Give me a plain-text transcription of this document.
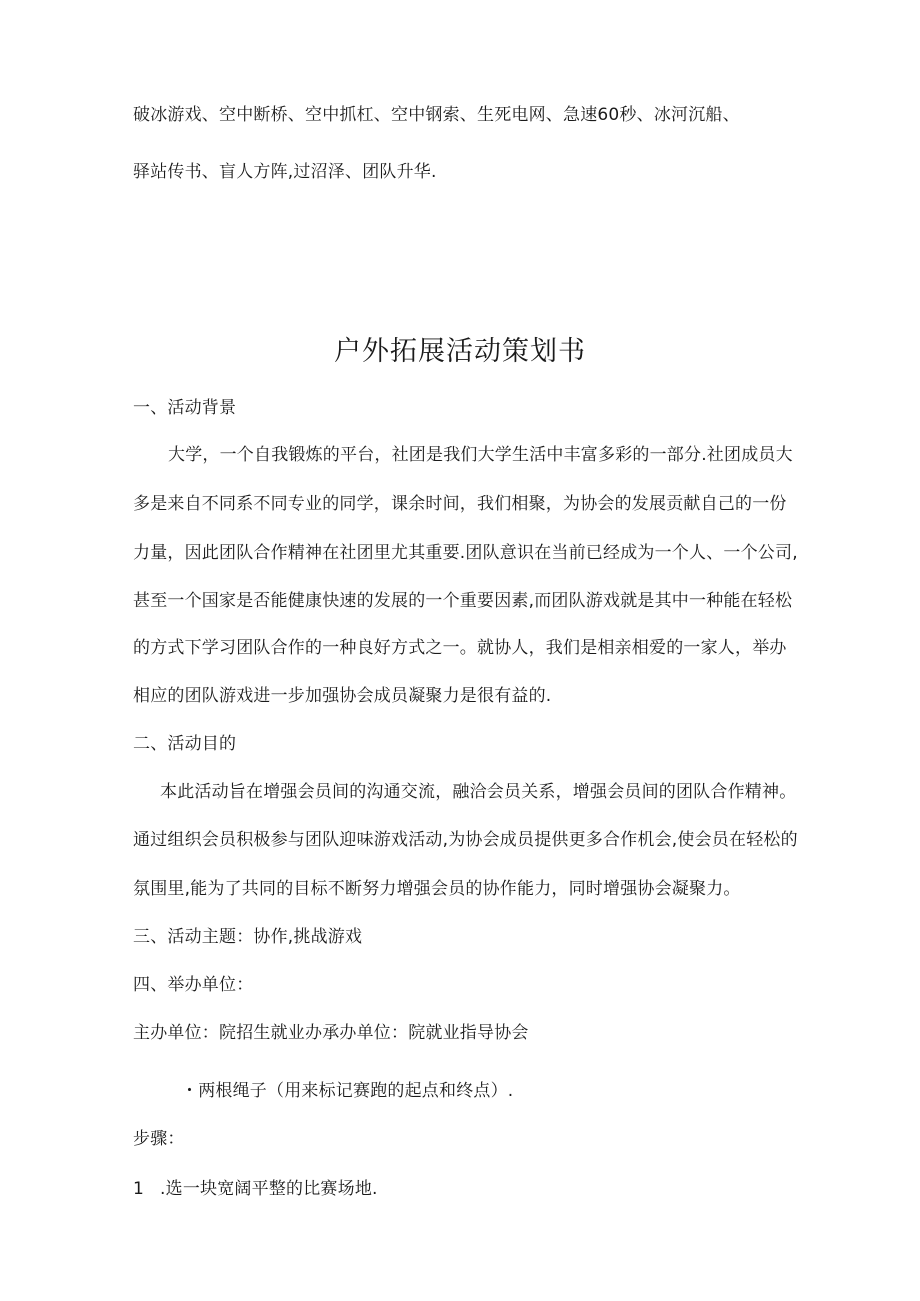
破冰游戏、空中断桥、空中抓杠、空中钢索、生死电网、急速60秒、冰河沉船、
驿站传书、盲人方阵,过沼泽、团队升华.
户外拓展活动策划书
一、活动背景
大学，一个自我锻炼的平台，社团是我们大学生活中丰富多彩的一部分.社团成员大
多是来自不同系不同专业的同学，课余时间，我们相聚，为协会的发展贡献自己的一份
力量，因此团队合作精神在社团里尤其重要.团队意识在当前已经成为一个人、一个公司,
甚至一个国家是否能健康快速的发展的一个重要因素,而团队游戏就是其中一种能在轻松
的方式下学习团队合作的一种良好方式之一。就协人，我们是相亲相爱的一家人，举办
相应的团队游戏进一步加强协会成员凝聚力是很有益的.
二、活动目的
本此活动旨在增强会员间的沟通交流，融洽会员关系，增强会员间的团队合作精神。
通过组织会员积极参与团队迎味游戏活动,为协会成员提供更多合作机会,使会员在轻松的
氛围里,能为了共同的目标不断努力增强会员的协作能力，同时增强协会凝聚力。
三、活动主题：协作,挑战游戏
四、举办单位：
主办单位：院招生就业办承办单位：院就业指导协会
・两根绳子（用来标记赛跑的起点和终点）.
步骤：
1 .选一块宽阔平整的比赛场地.
